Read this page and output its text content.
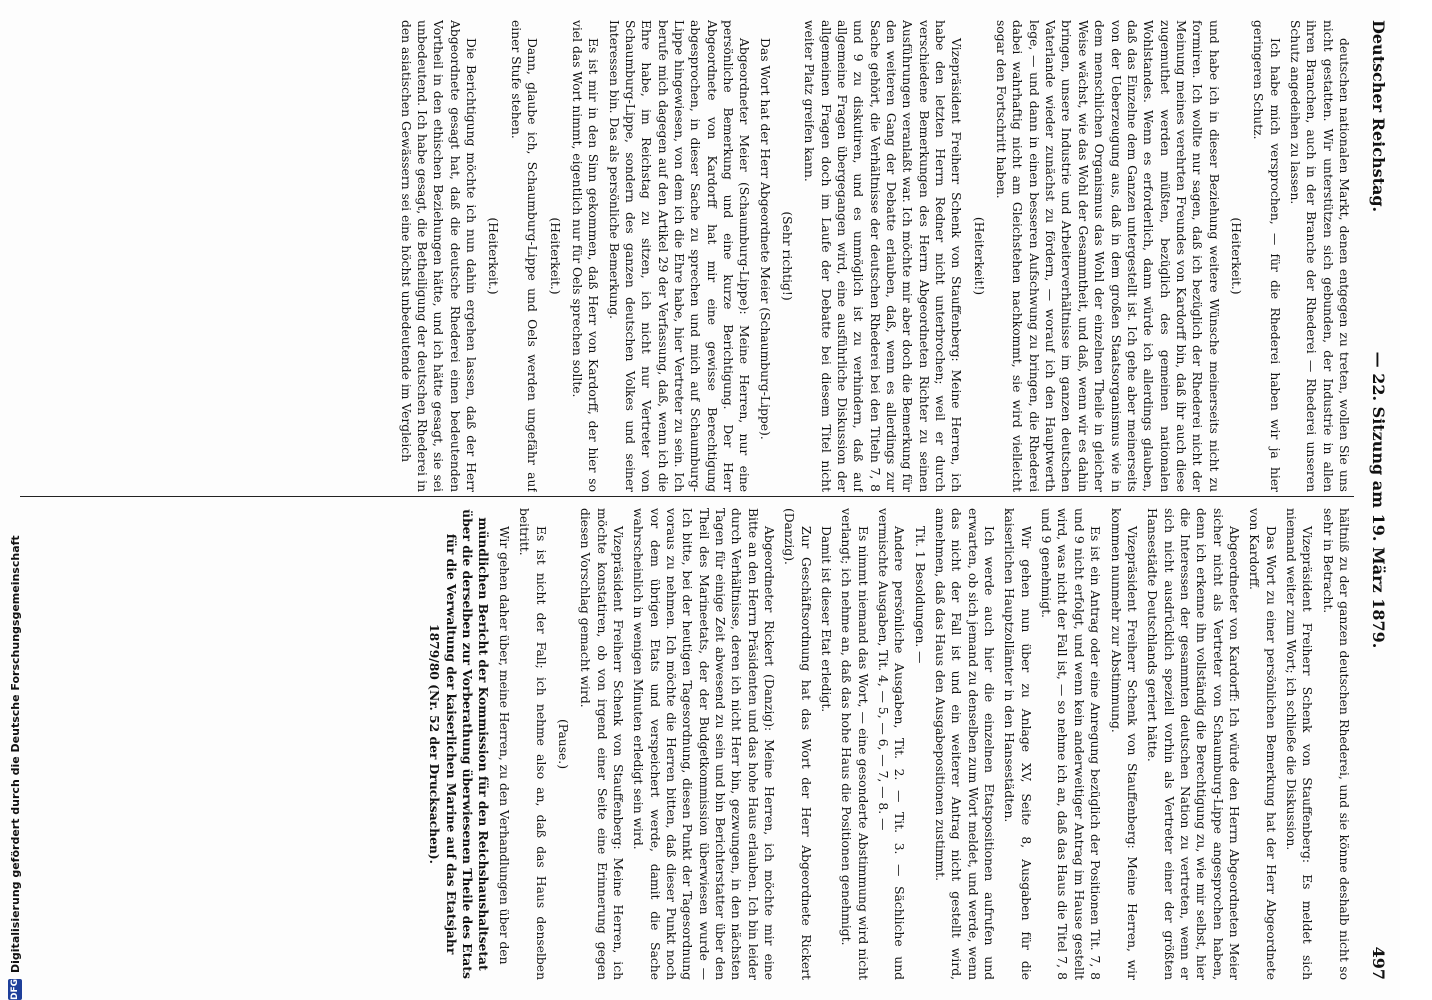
Deutscher Reichstag.
— 22. Sitzung am 19. März 1879.
497

deutschen nationalen Markt, denen entgegen zu treten, wollen Sie uns nicht gestatten. Wir unterstützen sich gebunden, der Industrie in allen ihren Branchen, auch in der Branche der Rhederei — Rhederei unseren Schutz angedeihen zu lassen.

Ich habe mich versprochen, — für die Rhederei haben wir ja hier geringeren Schutz.

(Heiterkeit.)

und habe ich in dieser Beziehung weitere Wünsche meinerseits nicht zu formiren. Ich wollte nur sagen, daß ich bezüglich der Rhederei nicht der Meinung meines verehrten Freundes von Kardorff bin, daß ihr auch diese zugemuthet werden müßten, bezüglich des gemeinen nationalen Wohlstandes. Wenn es erforderlich, dann würde ich allerdings glauben, daß das Einzelne dem Ganzen untergestellt ist. Ich gehe aber meinerseits von der Ueberzeugung aus, daß in dem großen Staatsorganismus wie in dem menschlichen Organismus das Wohl der einzelnen Theile in gleicher Weise wächst, wie das Wohl der Gesammtheit, und daß, wenn wir es dahin bringen, unsere Industrie und Arbeiterverhältnisse im ganzen deutschen Vaterlande wieder zunächst zu fördern, — worauf ich den Hauptwerth lege, — und dann in einen besseren Aufschwung zu bringen, die Rhederei dabei wahrhaftig nicht am Gleichstehen nachkommt, sie wird vielleicht sogar den Fortschritt haben.

(Heiterkeit!)

Vizepräsident Freiherr Schenk von Stauffenberg: Meine Herren, ich habe den letzten Herrn Redner nicht unterbrochen; weil er durch verschiedene Bemerkungen des Herrn Abgeordneten Richter zu seinen Ausführungen veranlaßt war. Ich möchte mir aber doch die Bemerkung für den weiteren Gang der Debatte erlauben, daß, wenn es allerdings zur Sache gehört, die Verhältnisse der deutschen Rhederei bei den Titeln 7, 8 und 9 zu diskutiren, und es unmöglich ist zu verhindern, daß auf allgemeine Fragen übergegangen wird, eine ausführliche Diskussion der allgemeinen Fragen doch im Laufe der Debatte bei diesem Titel nicht weiter Platz greifen kann.

(Sehr richtig!)

Das Wort hat der Herr Abgeordnete Meier (Schaumburg-Lippe).

Abgeordneter Meier (Schaumburg-Lippe): Meine Herren, nur eine persönliche Bemerkung und eine kurze Berichtigung. Der Herr Abgeordnete von Kardorff hat mir eine gewisse Berechtigung abgesprochen, in dieser Sache zu sprechen und mich auf Schaumburg-Lippe hingewiesen, von dem ich die Ehre habe, hier Vertreter zu sein. Ich berufe mich dagegen auf den Artikel 29 der Verfassung, daß, wenn ich die Ehre habe, im Reichstag zu sitzen, ich nicht nur Vertreter von Schaumburg-Lippe, sondern des ganzen deutschen Volkes und seiner Interessen bin. Das als persönliche Bemerkung.

Es ist mir in den Sinn gekommen, daß Herr von Kardorff, der hier so viel das Wort nimmt, eigentlich nur für Oels sprechen sollte.

(Heiterkeit.)

Dann, glaube ich, Schaumburg-Lippe und Oels werden ungefähr auf einer Stufe stehen.

(Heiterkeit.)

Die Berichtigung möchte ich nun dahin ergehen lassen, daß der Herr Abgeordnete gesagt hat, daß die deutsche Rhederei einen bedeutenden Vortheil in den ethischen Beziehungen hätte, und ich hätte gesagt, sie sei unbedeutend. Ich habe gesagt, die Betheiligung der deutschen Rhederei in den asiatischen Gewässern sei eine höchst unbedeutende im Vergleich

hältniß zu der ganzen deutschen Rhederei, und sie könne deshalb nicht so sehr in Betracht.

Vizepräsident Freiherr Schenk von Stauffenberg: Es meldet sich niemand weiter zum Wort; ich schließe die Diskussion.

Das Wort zu einer persönlichen Bemerkung hat der Herr Abgeordnete von Kardorff.

Abgeordneter von Kardorff: Ich würde den Herrn Abgeordneten Meier sicher nicht als Vertreter von Schaumburg-Lippe angesprochen haben, denn ich erkenne ihn vollständig die Berechtigung zu, wie mir selbst, hier die Interessen der gesammten deutschen Nation zu vertreten, wenn er sich nicht ausdrücklich speziell vorhin als Vertreter einer der größten Hansestädte Deutschlands geriert hätte.

Vizepräsident Freiherr Schenk von Stauffenberg: Meine Herren, wir kommen nunmehr zur Abstimmung.

Es ist ein Antrag oder eine Anregung bezüglich der Positionen Tit. 7, 8 und 9 nicht erfolgt, und wenn kein anderweitiger Antrag im Hause gestellt wird, was nicht der Fall ist, — so nehme ich an, daß das Haus die Titel 7, 8 und 9 genehmigt.

Wir gehen nun über zu Anlage XV, Seite 8, Ausgaben für die kaiserlichen Hauptzollämter in den Hansestädten.

Ich werde auch hier die einzelnen Etatspositionen aufrufen und erwarten, ob sich jemand zu denselben zum Wort meldet, und werde, wenn das nicht der Fall ist und ein weiterer Antrag nicht gestellt wird, annehmen, daß das Haus den Ausgabepositionen zustimmt.

Tit. 1 Besoldungen. —

Andere persönliche Ausgaben, Tit. 2. — Tit. 3. — Sächliche und vermischte Ausgaben, Tit. 4, — 5, — 6, — 7, — 8. —

Es nimmt niemand das Wort, — eine gesonderte Abstimmung wird nicht verlangt; ich nehme an, daß das hohe Haus die Positionen genehmigt.

Damit ist dieser Etat erledigt.

Zur Geschäftsordnung hat das Wort der Herr Abgeordnete Rickert (Danzig).

Abgeordneter Rickert (Danzig): Meine Herren, ich möchte mir eine Bitte an den Herrn Präsidenten und das hohe Haus erlauben. Ich bin leider durch Verhältnisse, deren ich nicht Herr bin, gezwungen, in den nächsten Tagen für einige Zeit abwesend zu sein und bin Berichterstatter über den Theil des Marineetats, der der Budgetkommission überwiesen wurde — Ich bitte, bei der heutigen Tagesordnung, diesen Punkt der Tagesordnung voraus zu nehmen. Ich möchte die Herren bitten, daß dieser Punkt noch vor dem übrigen Etats und verspeichert werde, damit die Sache wahrscheinlich in wenigen Minuten erledigt sein wird.

Vizepräsident Freiherr Schenk von Stauffenberg: Meine Herren, ich möchte konstatiren, ob von irgend einer Seite eine Erinnerung gegen diesen Vorschlag gemacht wird.

(Pause.)

Es ist nicht der Fall; ich nehme also an, daß das Haus denselben beitritt.

Wir gehen daher über, meine Herren, zu den Verhandlungen über den

mündlichen Bericht der Kommission für den Reichshaushaltsetat über die derselben zur Vorberathung überwiesenen Theile des Etats für die Verwaltung der kaiserlichen Marine auf das Etatsjahr 1879/80 (Nr. 52 der Drucksachen).

DFG
Digitalisierung gefördert durch die Deutsche Forschungsgemeinschaft
